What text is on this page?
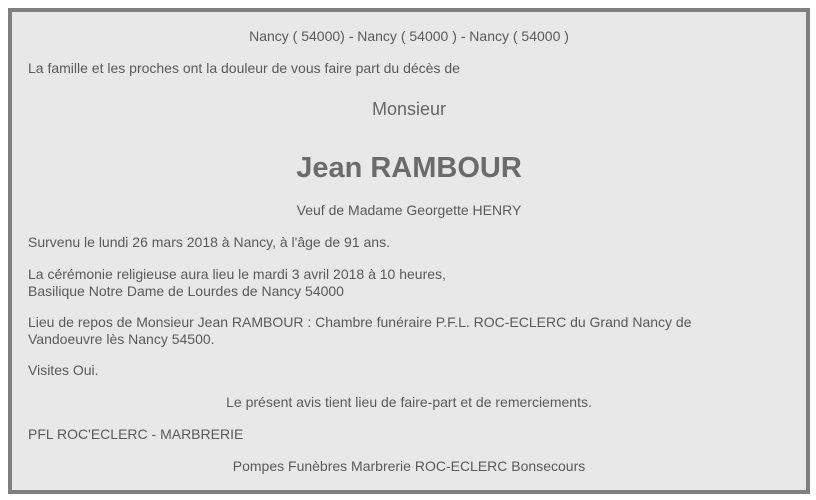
Nancy ( 54000) - Nancy ( 54000 ) - Nancy ( 54000 )
La famille et les proches ont la douleur de vous faire part du décès de
Monsieur
Jean RAMBOUR
Veuf de Madame Georgette HENRY
Survenu le lundi 26 mars 2018 à Nancy, à l'âge de 91 ans.
La cérémonie religieuse aura lieu le mardi 3 avril 2018 à 10 heures,
Basilique Notre Dame de Lourdes de Nancy 54000
Lieu de repos de Monsieur Jean RAMBOUR : Chambre funéraire P.F.L. ROC-ECLERC du Grand Nancy de Vandoeuvre lès Nancy 54500.
Visites Oui.
Le présent avis tient lieu de faire-part et de remerciements.
PFL ROC'ECLERC - MARBRERIE
Pompes Funèbres Marbrerie ROC-ECLERC Bonsecours
